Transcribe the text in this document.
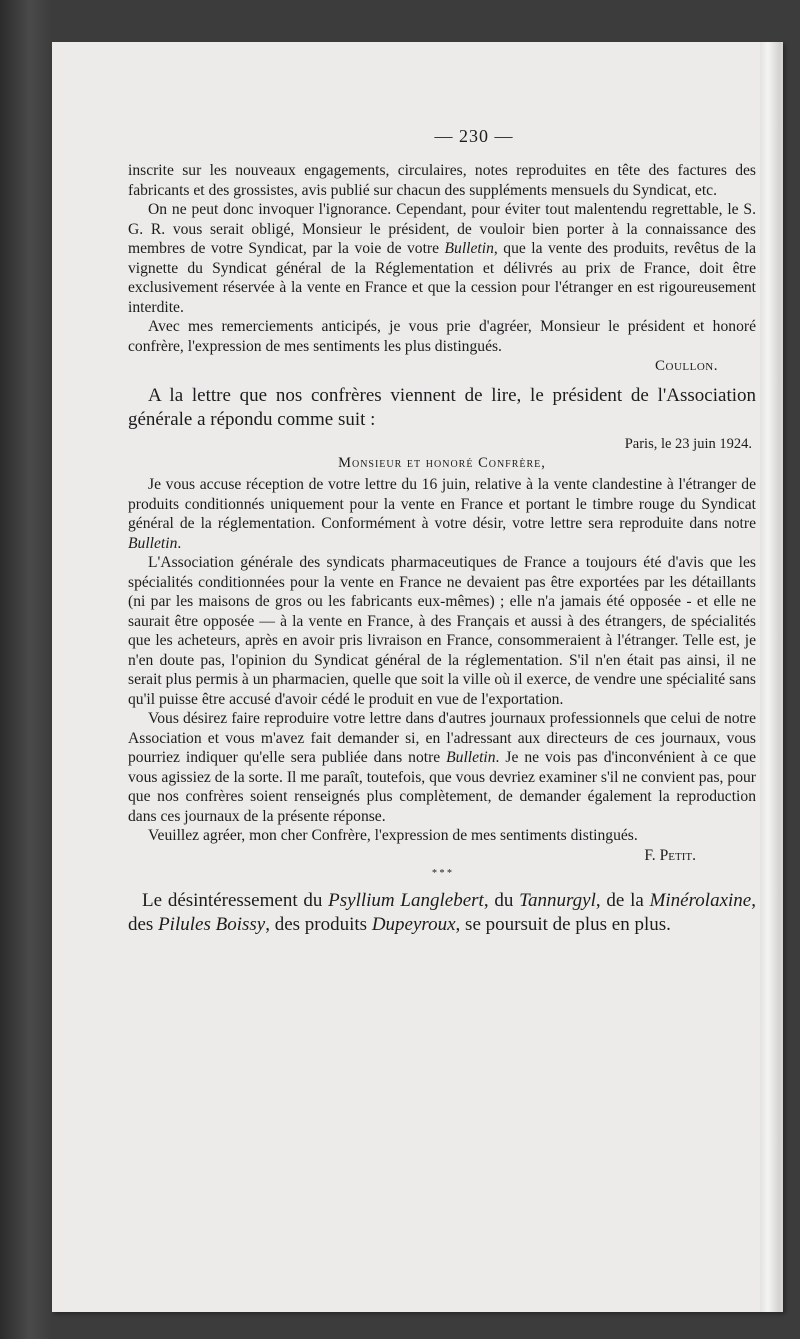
— 230 —

inscrite sur les nouveaux engagements, circulaires, notes reproduites en tête des factures des fabricants et des grossistes, avis publié sur chacun des suppléments mensuels du Syndicat, etc.

On ne peut donc invoquer l'ignorance. Cependant, pour éviter tout malentendu regrettable, le S. G. R. vous serait obligé, Monsieur le président, de vouloir bien porter à la connaissance des membres de votre Syndicat, par la voie de votre Bulletin, que la vente des produits, revêtus de la vignette du Syndicat général de la Réglementation et délivrés au prix de France, doit être exclusivement réservée à la vente en France et que la cession pour l'étranger en est rigoureusement interdite.

Avec mes remerciements anticipés, je vous prie d'agréer, Monsieur le président et honoré confrère, l'expression de mes sentiments les plus distingués.

Coullon.

A la lettre que nos confrères viennent de lire, le président de l'Association générale a répondu comme suit :

Paris, le 23 juin 1924.
Monsieur et honoré Confrère,

Je vous accuse réception de votre lettre du 16 juin, relative à la vente clandestine à l'étranger de produits conditionnés uniquement pour la vente en France et portant le timbre rouge du Syndicat général de la réglementation. Conformément à votre désir, votre lettre sera reproduite dans notre Bulletin.

L'Association générale des syndicats pharmaceutiques de France a toujours été d'avis que les spécialités conditionnées pour la vente en France ne devaient pas être exportées par les détaillants (ni par les maisons de gros ou les fabricants eux-mêmes) ; elle n'a jamais été opposée - et elle ne saurait être opposée — à la vente en France, à des Français et aussi à des étrangers, de spécialités que les acheteurs, après en avoir pris livraison en France, consommeraient à l'étranger. Telle est, je n'en doute pas, l'opinion du Syndicat général de la réglementation. S'il n'en était pas ainsi, il ne serait plus permis à un pharmacien, quelle que soit la ville où il exerce, de vendre une spécialité sans qu'il puisse être accusé d'avoir cédé le produit en vue de l'exportation.

Vous désirez faire reproduire votre lettre dans d'autres journaux professionnels que celui de notre Association et vous m'avez fait demander si, en l'adressant aux directeurs de ces journaux, vous pourriez indiquer qu'elle sera publiée dans notre Bulletin. Je ne vois pas d'inconvénient à ce que vous agissiez de la sorte. Il me paraît, toutefois, que vous devriez examiner s'il ne convient pas, pour que nos confrères soient renseignés plus complètement, de demander également la reproduction dans ces journaux de la présente réponse.

Veuillez agréer, mon cher Confrère, l'expression de mes sentiments distingués.

F. Petit.
* * *

Le désintéressement du Psyllium Langlebert, du Tannurgyl, de la Minérolaxine, des Pilules Boissy, des produits Dupeyroux, se poursuit de plus en plus.
